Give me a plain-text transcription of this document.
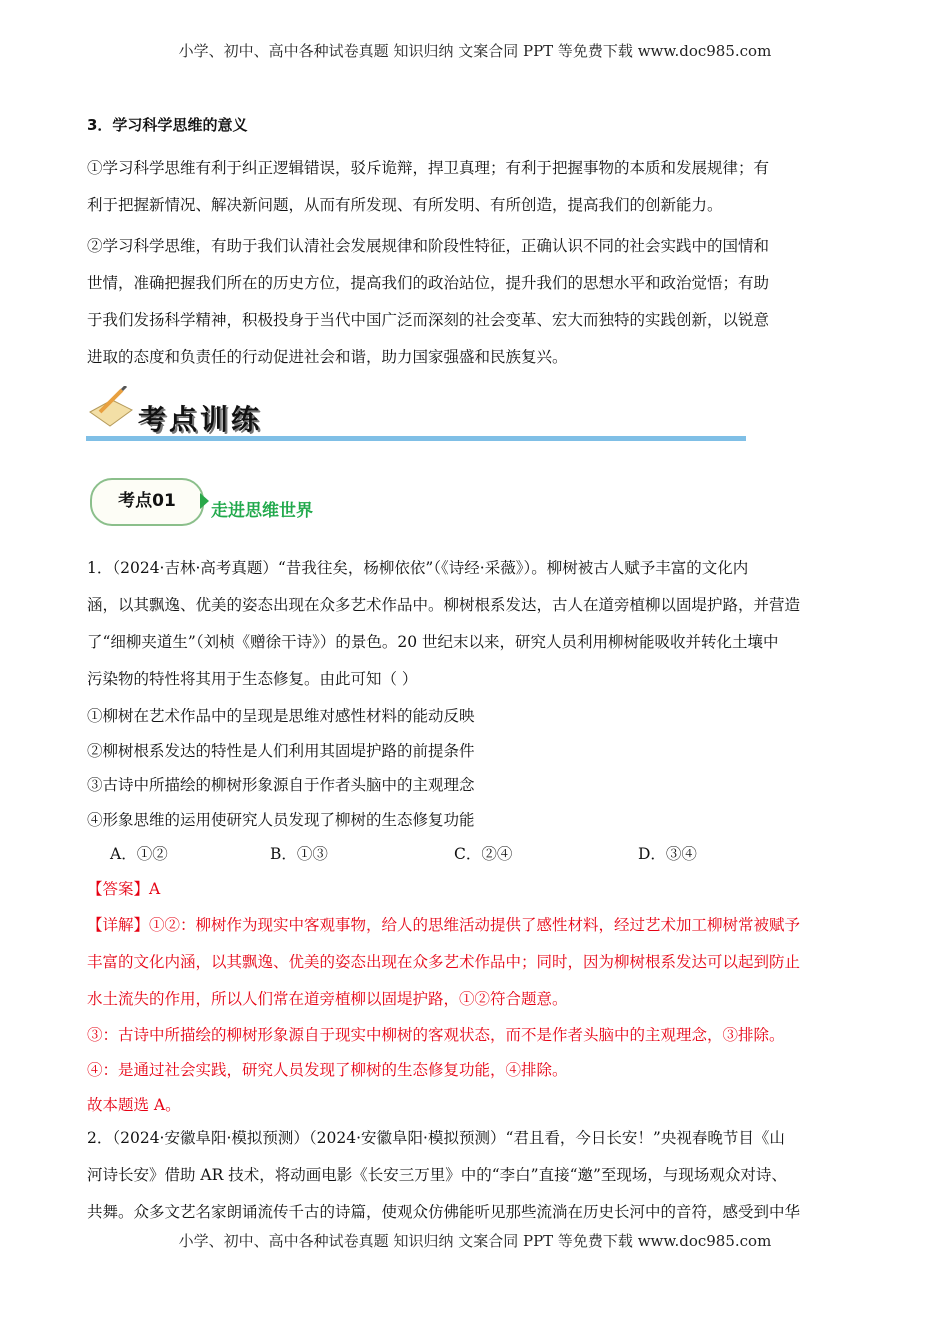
小学、初中、高中各种试卷真题 知识归纳 文案合同 PPT 等免费下载 www.doc985.com
3．学习科学思维的意义
①学习科学思维有利于纠正逻辑错误，驳斥诡辩，捍卫真理；有利于把握事物的本质和发展规律；有
利于把握新情况、解决新问题，从而有所发现、有所发明、有所创造，提高我们的创新能力。
②学习科学思维，有助于我们认清社会发展规律和阶段性特征，正确认识不同的社会实践中的国情和
世情，准确把握我们所在的历史方位，提高我们的政治站位，提升我们的思想水平和政治觉悟；有助
于我们发扬科学精神，积极投身于当代中国广泛而深刻的社会变革、宏大而独特的实践创新，以锐意
进取的态度和负责任的行动促进社会和谐，助力国家强盛和民族复兴。
考点训练
考点01	走进思维世界
1．（2024·吉林·高考真题）“昔我往矣，杨柳依依”（《诗经·采薇》）。柳树被古人赋予丰富的文化内
涵，以其飘逸、优美的姿态出现在众多艺术作品中。柳树根系发达，古人在道旁植柳以固堤护路，并营造
了“细柳夹道生”（刘桢《赠徐干诗》）的景色。20 世纪末以来，研究人员利用柳树能吸收并转化土壤中
污染物的特性将其用于生态修复。由此可知（ ）
①柳树在艺术作品中的呈现是思维对感性材料的能动反映
②柳树根系发达的特性是人们利用其固堤护路的前提条件
③古诗中所描绘的柳树形象源自于作者头脑中的主观理念
④形象思维的运用使研究人员发现了柳树的生态修复功能
A．①②	B．①③	C．②④	D．③④
【答案】A
【详解】①②：柳树作为现实中客观事物，给人的思维活动提供了感性材料，经过艺术加工柳树常被赋予
丰富的文化内涵，以其飘逸、优美的姿态出现在众多艺术作品中；同时，因为柳树根系发达可以起到防止
水土流失的作用，所以人们常在道旁植柳以固堤护路，①②符合题意。
③：古诗中所描绘的柳树形象源自于现实中柳树的客观状态，而不是作者头脑中的主观理念，③排除。
④：是通过社会实践，研究人员发现了柳树的生态修复功能，④排除。
故本题选 A。
2．（2024·安徽阜阳·模拟预测）（2024·安徽阜阳·模拟预测）“君且看，今日长安！”央视春晚节目《山
河诗长安》借助 AR 技术，将动画电影《长安三万里》中的“李白”直接“邀”至现场，与现场观众对诗、
共舞。众多文艺名家朗诵流传千古的诗篇，使观众仿佛能听见那些流淌在历史长河中的音符，感受到中华
小学、初中、高中各种试卷真题 知识归纳 文案合同 PPT 等免费下载 www.doc985.com
